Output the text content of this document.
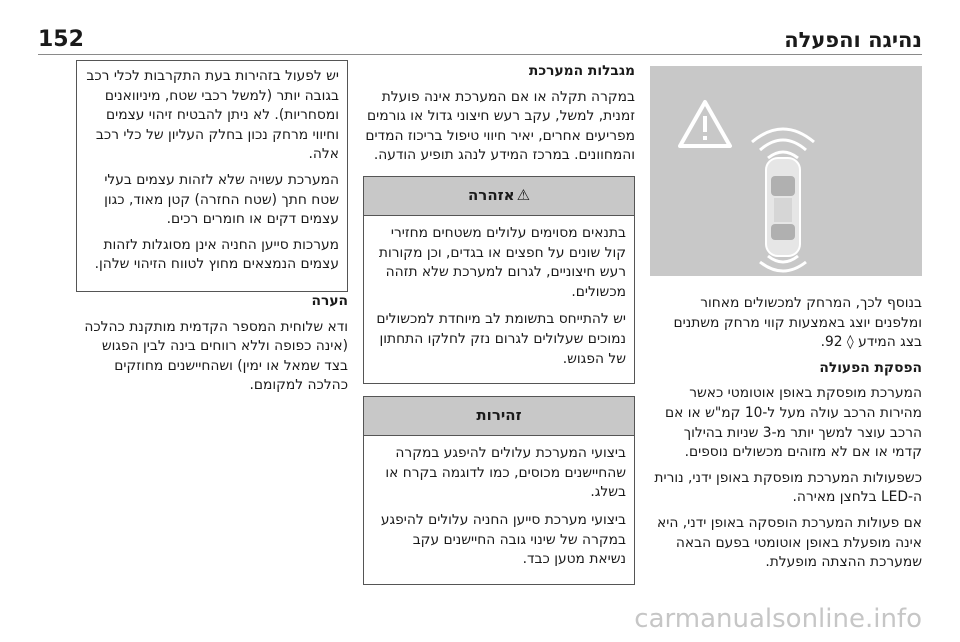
152	נהיגה והפעלה

בנוסף לכך, המרחק למכשולים מאחור ומלפנים יוצג באמצעות קווי מרחק משתנים בצג המידע ◊ 92.

הפסקת הפעולה

המערכת מופסקת באופן אוטומטי כאשר מהירות הרכב עולה מעל ל-10 קמ"ש או אם הרכב עוצר למשך יותר מ-3 שניות בהילוך קדמי או אם לא מזוהים מכשולים נוספים.

כשפעולות המערכת מופסקת באופן ידני, נורית ה-LED בלחצן מאירה.

אם פעולות המערכת הופסקה באופן ידני, היא אינה מופעלת באופן אוטומטי בפעם הבאה שמערכת ההצתה מופעלת.

מגבלות המערכת

במקרה תקלה או אם המערכת אינה פועלת זמנית, למשל, עקב רעש חיצוני גדול או גורמים מפריעים אחרים, יאיר חיווי טיפול בריכוז המדים והמחוונים. במרכז המידע לנהג תופיע הודעה.

⚠
אזהרה

בתנאים מסוימים עלולים משטחים מחזירי קול שונים על חפצים או בגדים, וכן מקורות רעש חיצוניים, לגרום למערכת שלא תזהה מכשולים.

יש להתייחס בתשומת לב מיוחדת למכשולים נמוכים שעלולים לגרום נזק לחלקו התחתון של הפגוש.

זהירות

ביצועי המערכת עלולים להיפגע במקרה שהחיישנים מכוסים, כמו לדוגמה בקרח או בשלג.

ביצועי מערכת סייען החניה עלולים להיפגע במקרה של שינוי גובה החיישנים עקב נשיאת מטען כבד.

יש לפעול בזהירות בעת התקרבות לכלי רכב בגובה יותר (למשל רכבי שטח, מיניוואנים ומסחריות). לא ניתן להבטיח זיהוי עצמים וחיווי מרחק נכון בחלק העליון של כלי רכב אלה.

המערכת עשויה שלא לזהות עצמים בעלי שטח חתך (שטח החזרה) קטן מאוד, כגון עצמים דקים או חומרים רכים.

מערכות סייען החניה אינן מסוגלות לזהות עצמים הנמצאים מחוץ לטווח הזיהוי שלהן.

הערה

ודא שלוחית המספר הקדמית מותקנת כהלכה (אינה כפופה וללא רווחים בינה לבין הפגוש בצד שמאל או ימין) ושהחיישנים מחוזקים כהלכה למקומם.

carmanualsonline.info
